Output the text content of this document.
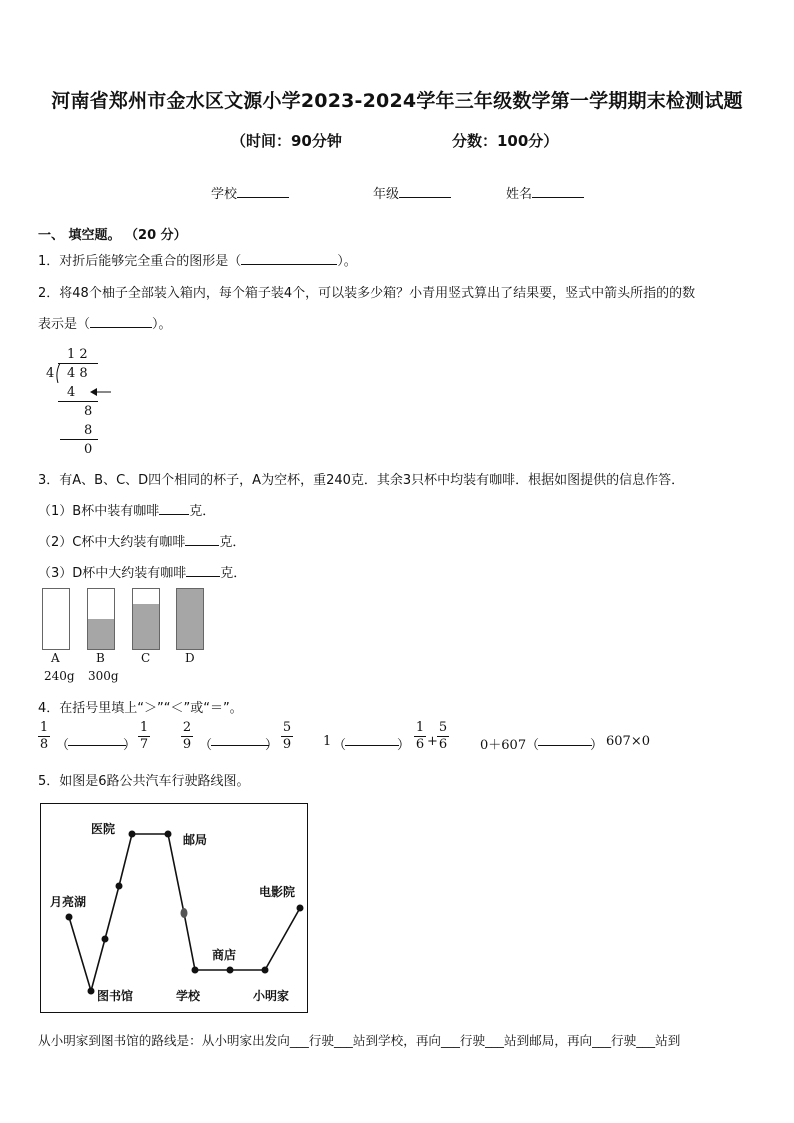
河南省郑州市金水区文源小学2023-2024学年三年级数学第一学期期末检测试题
（时间：90分钟	分数：100分）
学校	年级	姓名
一、 填空题。 （20 分）
1．对折后能够完全重合的图形是（	）。
2．将48个柚子全部装入箱内，每个箱子装4个，可以装多少箱？小青用竖式算出了结果要，竖式中箭头所指的的数
表示是（	）。
1 2
4 4 8
4
8
8
0
3．有A、B、C、D四个相同的杯子，A为空杯，重240克．其余3只杯中均装有咖啡．根据如图提供的信息作答．
（1）B杯中装有咖啡 克．
（2）C杯中大约装有咖啡	克．
（3）D杯中大约装有咖啡	克．
A	B	C	D
240g 300g
4．在括号里填上“＞”“＜”或“＝”。
1
8 （	）
1
7
2
9 （	）
5
9 1 （	）
1
6 +
5
6	0＋607 （	） 607×0
5．如图是6路公共汽车行驶路线图。
月亮湖
医院
邮局
电影院
图书馆	学校
商店
小明家
从小明家到图书馆的路线是：从小明家出发向___行驶___站到学校，再向___行驶___站到邮局，再向___行驶___站到
